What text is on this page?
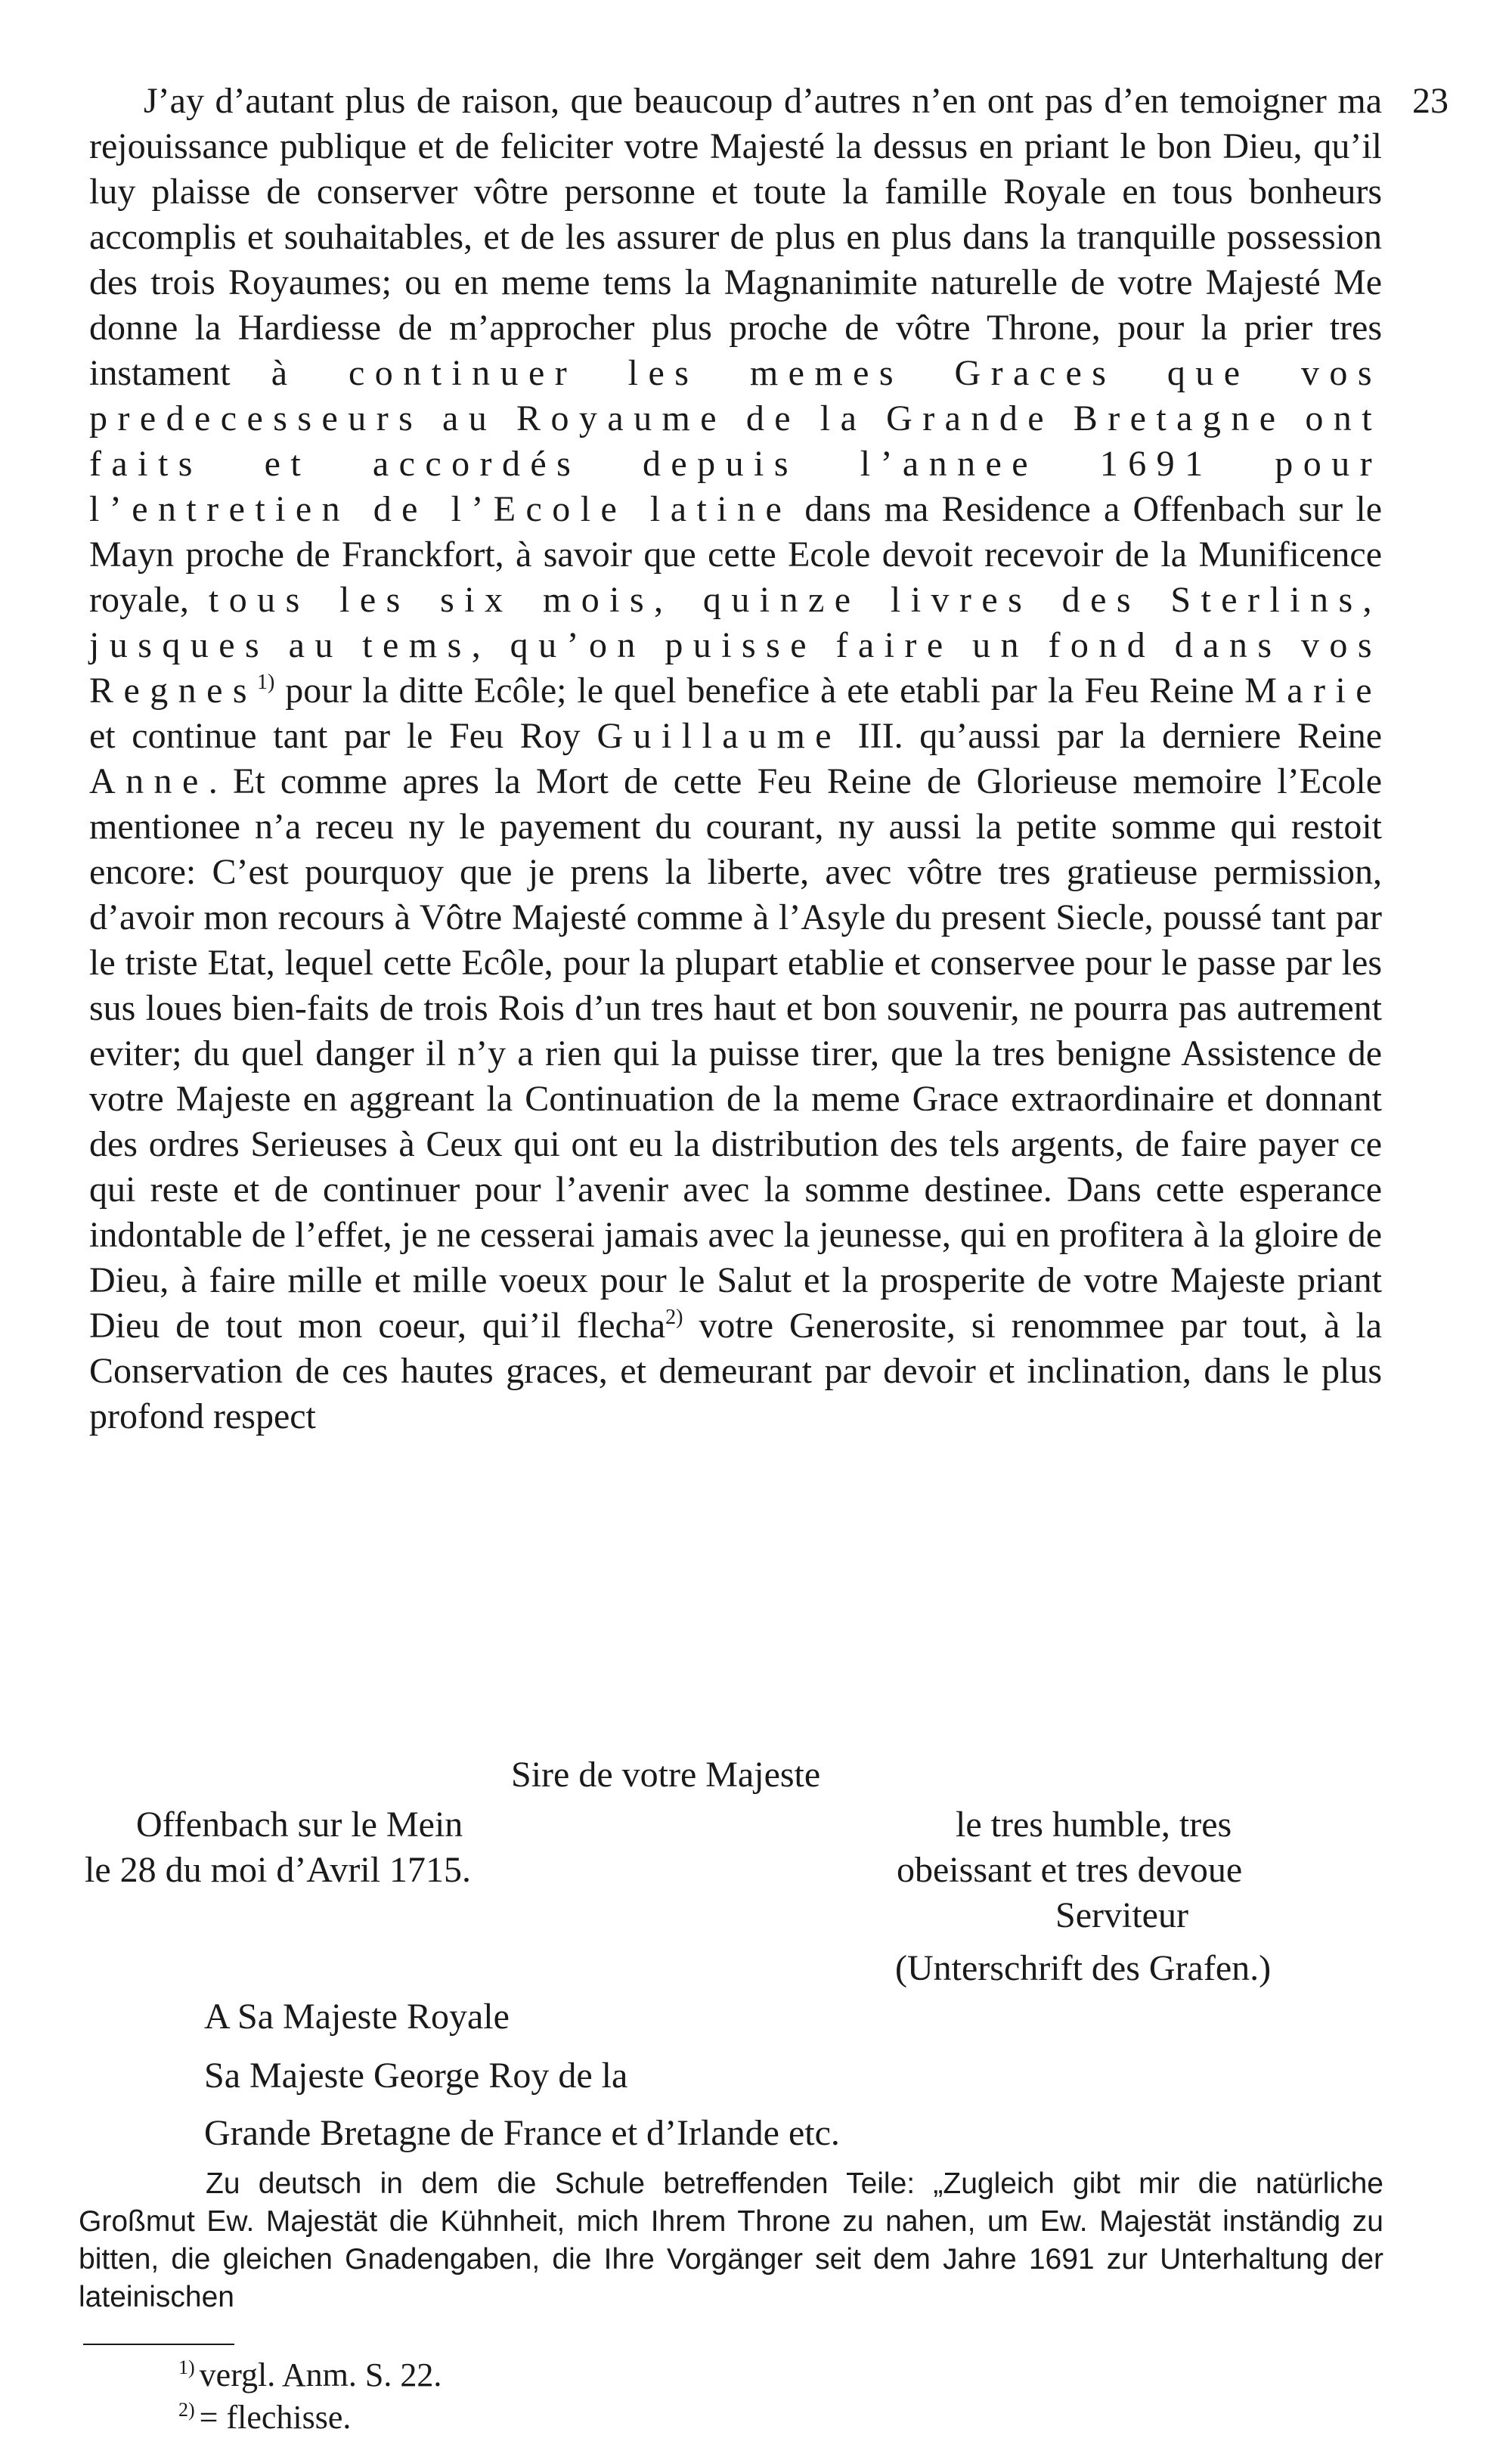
23

J’ay d’autant plus de raison, que beaucoup d’autres n’en ont pas d’en temoigner ma rejouissance publique et de feliciter votre Majesté la dessus en priant le bon Dieu, qu’il luy plaisse de conserver vôtre personne et toute la famille Royale en tous bonheurs accomplis et souhaitables, et de les assurer de plus en plus dans la tranquille possession des trois Royaumes; ou en meme tems la Magnanimite naturelle de votre Majesté Me donne la Hardiesse de m’approcher plus proche de vôtre Throne, pour la prier tres instament à continuer les memes Graces que vos predecesseurs au Royaume de la Grande Bretagne ont faits et accordés depuis l’annee 1691 pour l’entretien de l’Ecole latine dans ma Residence a Offenbach sur le Mayn proche de Franckfort, à savoir que cette Ecole devoit recevoir de la Munificence royale, tous les six mois, quinze livres des Sterlins, jusques au tems, qu’on puisse faire un fond dans vos Regnes$^{1)}$ pour la ditte Ecôle; le quel benefice à ete etabli par la Feu Reine Marie et continue tant par le Feu Roy Guillaume III. qu’aussi par la derniere Reine Anne. Et comme apres la Mort de cette Feu Reine de Glorieuse memoire l’Ecole mentionee n’a receu ny le payement du courant, ny aussi la petite somme qui restoit encore: C’est pourquoy que je prens la liberte, avec vôtre tres gratieuse permission, d’avoir mon recours à Vôtre Majesté comme à l’Asyle du present Siecle, poussé tant par le triste Etat, lequel cette Ecôle, pour la plupart etablie et conservee pour le passe par les sus loues bien-faits de trois Rois d’un tres haut et bon souvenir, ne pourra pas autrement eviter; du quel danger il n’y a rien qui la puisse tirer, que la tres benigne Assistence de votre Majeste en aggreant la Continuation de la meme Grace extraordinaire et donnant des ordres Serieuses à Ceux qui ont eu la distribution des tels argents, de faire payer ce qui reste et de continuer pour l’avenir avec la somme destinee. Dans cette esperance indontable de l’effet, je ne cesserai jamais avec la jeunesse, qui en profitera à la gloire de Dieu, à faire mille et mille voeux pour le Salut et la prosperite de votre Majeste priant Dieu de tout mon coeur, qui’il flecha$^{2)}$ votre Generosite, si renommee par tout, à la Conservation de ces hautes graces, et demeurant par devoir et inclination, dans le plus profond respect

Sire de votre Majeste
Offenbach sur le Mein
le 28 du moi d’Avril 1715.
le tres humble, tres
obeissant et tres devoue
Serviteur
(Unterschrift des Grafen.)
A Sa Majeste Royale
Sa Majeste George Roy de la
Grande Bretagne de France et d’Irlande etc.

Zu deutsch in dem die Schule betreffenden Teile: „Zugleich gibt mir die natürliche Großmut Ew. Majestät die Kühnheit, mich Ihrem Throne zu nahen, um Ew. Majestät inständig zu bitten, die gleichen Gnadengaben, die Ihre Vorgänger seit dem Jahre 1691 zur Unterhaltung der lateinischen

$^{1)}$ vergl. Anm. S. 22.
$^{2)}$ = flechisse.
